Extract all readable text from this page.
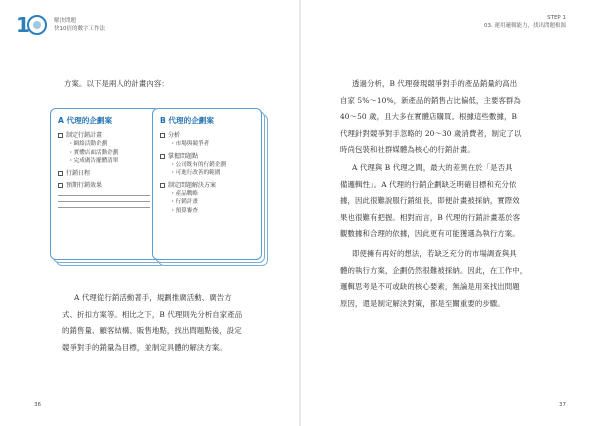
1	解決問題
快10倍的數字工作法
STEP 1
03. 運用邏輯能力，找出問題根源
方案。以下是兩人的計畫內容：
A 代理的企劃案
制定行銷計畫
・網絡活動企劃
・實體店面活動企劃
・完成廣告擺體清單
行銷日程
預期行銷效果
B 代理的企劃案
分析
・市場與競爭者
掌握問題點
・公司既有的行銷企劃
・可進行改善的範圍
制定問題解決方案
・產品戰略
・行銷計畫
・預算審查
A 代理從行銷活動著手，規劃推廣活動、廣告方
式、折扣方案等。相比之下，B 代理則先分析自家產品
的銷售量、顧客結構、販售地點，找出問題點後，設定
競爭對手的銷量為目標，並制定具體的解決方案。
36
透過分析，B 代理發現競爭對手的產品銷量約高出
自家 5%～10%，新產品的銷售占比偏低，主要客群為
40～50 歲，且大多在實體店購買。根據這些數據，B
代理針對競爭對手忽略的 20～30 歲消費者，制定了以
時尚包裝和社群媒體為核心的行銷計畫。
A 代理與 B 代理之間，最大的差異在於「是否具
備邏輯性」。A 代理的行銷企劃缺乏明確目標和充分依
據，因此很難說服行銷組長，即便計畫被採納，實際效
果也很難有把握。相對而言，B 代理的行銷計畫基於客
觀數據和合理的依據，因此更有可能獲選為執行方案。
即使擁有再好的想法，若缺乏充分的市場調查與具
體的執行方案，企劃仍然很難被採納。因此，在工作中，
邏輯思考是不可或缺的核心要素，無論是用來找出問題
原因，還是制定解決對策，都是至關重要的步驟。
37
